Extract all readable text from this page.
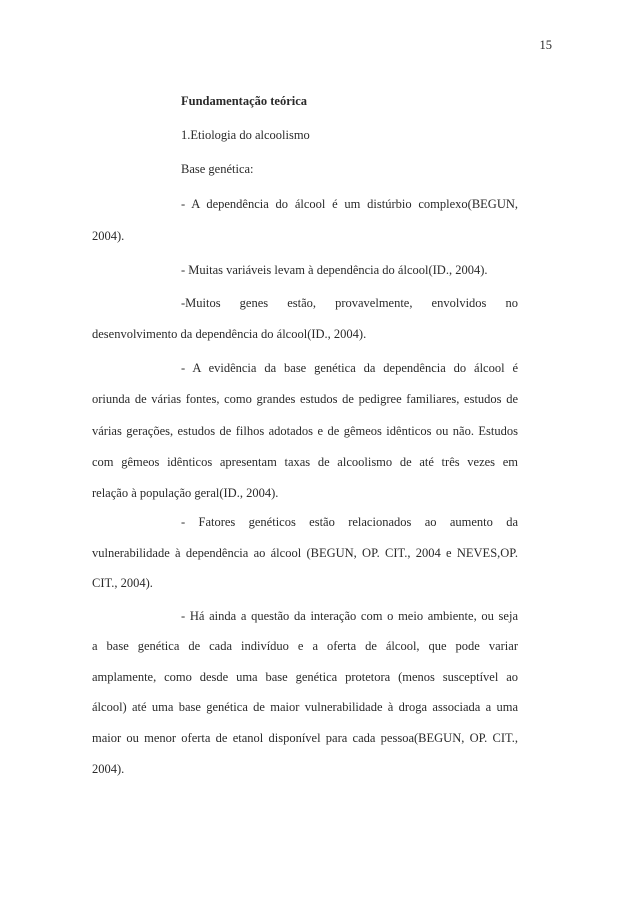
15
Fundamentação teórica
1.Etiologia do alcoolismo
Base genética:
- A dependência do álcool é um distúrbio complexo(BEGUN,
2004).
- Muitas variáveis levam à dependência do álcool(ID., 2004).
-Muitos genes estão, provavelmente, envolvidos no
desenvolvimento da dependência do álcool(ID., 2004).
- A evidência da base genética da dependência do álcool é
oriunda de várias fontes, como grandes estudos de pedigree familiares, estudos de
várias gerações, estudos de filhos adotados e de gêmeos idênticos ou não. Estudos
com gêmeos idênticos apresentam taxas de alcoolismo de até três vezes em
relação à população geral(ID., 2004).
- Fatores genéticos estão relacionados ao aumento da
vulnerabilidade à dependência ao álcool (BEGUN, OP. CIT., 2004 e NEVES,OP.
CIT., 2004).
- Há ainda a questão da interação com o meio ambiente, ou seja
a base genética de cada indivíduo e a oferta de álcool, que pode variar
amplamente, como desde uma base genética protetora (menos susceptível ao
álcool) até uma base genética de maior vulnerabilidade à droga associada a uma
maior ou menor oferta de etanol disponível para cada pessoa(BEGUN, OP. CIT.,
2004).
